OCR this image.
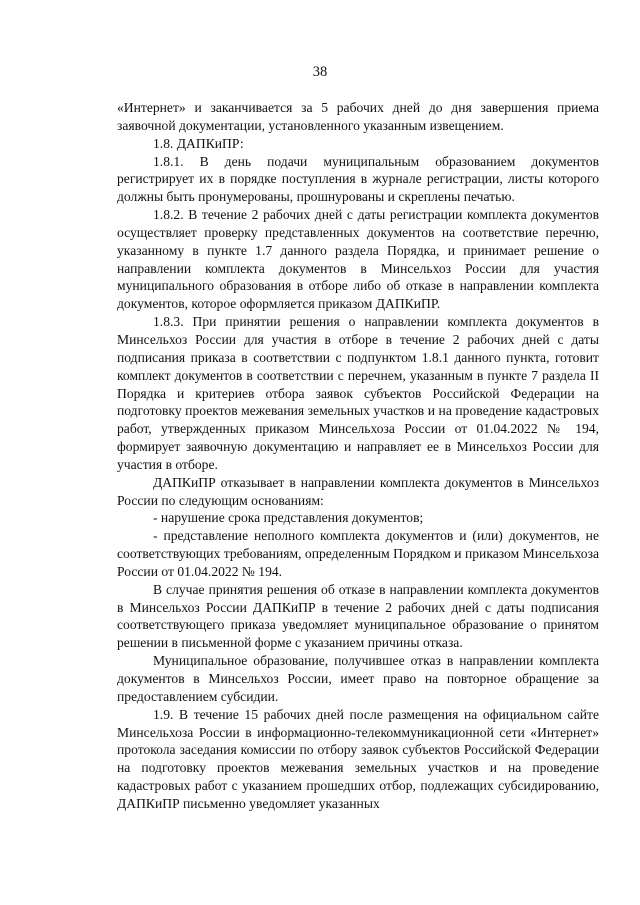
38

«Интернет» и заканчивается за 5 рабочих дней до дня завершения приема заявочной документации, установленного указанным извещением.

1.8. ДАПКиПР:

1.8.1. В день подачи муниципальным образованием документов регистрирует их в порядке поступления в журнале регистрации, листы которого должны быть пронумерованы, прошнурованы и скреплены печатью.

1.8.2. В течение 2 рабочих дней с даты регистрации комплекта документов осуществляет проверку представленных документов на соответствие перечню, указанному в пункте 1.7 данного раздела Порядка, и принимает решение о направлении комплекта документов в Минсельхоз России для участия муниципального образования в отборе либо об отказе в направлении комплекта документов, которое оформляется приказом ДАПКиПР.

1.8.3. При принятии решения о направлении комплекта документов в Минсельхоз России для участия в отборе в течение 2 рабочих дней с даты подписания приказа в соответствии с подпунктом 1.8.1 данного пункта, готовит комплект документов в соответствии с перечнем, указанным в пункте 7 раздела II Порядка и критериев отбора заявок субъектов Российской Федерации на подготовку проектов межевания земельных участков и на проведение кадастровых работ, утвержденных приказом Минсельхоза России от 01.04.2022 № 194, формирует заявочную документацию и направляет ее в Минсельхоз России для участия в отборе.

ДАПКиПР отказывает в направлении комплекта документов в Минсельхоз России по следующим основаниям:

- нарушение срока представления документов;

- представление неполного комплекта документов и (или) документов, не соответствующих требованиям, определенным Порядком и приказом Минсельхоза России от 01.04.2022 № 194.

В случае принятия решения об отказе в направлении комплекта документов в Минсельхоз России ДАПКиПР в течение 2 рабочих дней с даты подписания соответствующего приказа уведомляет муниципальное образование о принятом решении в письменной форме с указанием причины отказа.

Муниципальное образование, получившее отказ в направлении комплекта документов в Минсельхоз России, имеет право на повторное обращение за предоставлением субсидии.

1.9. В течение 15 рабочих дней после размещения на официальном сайте Минсельхоза России в информационно-телекоммуникационной сети «Интернет» протокола заседания комиссии по отбору заявок субъектов Российской Федерации на подготовку проектов межевания земельных участков и на проведение кадастровых работ с указанием прошедших отбор, подлежащих субсидированию, ДАПКиПР письменно уведомляет указанных
